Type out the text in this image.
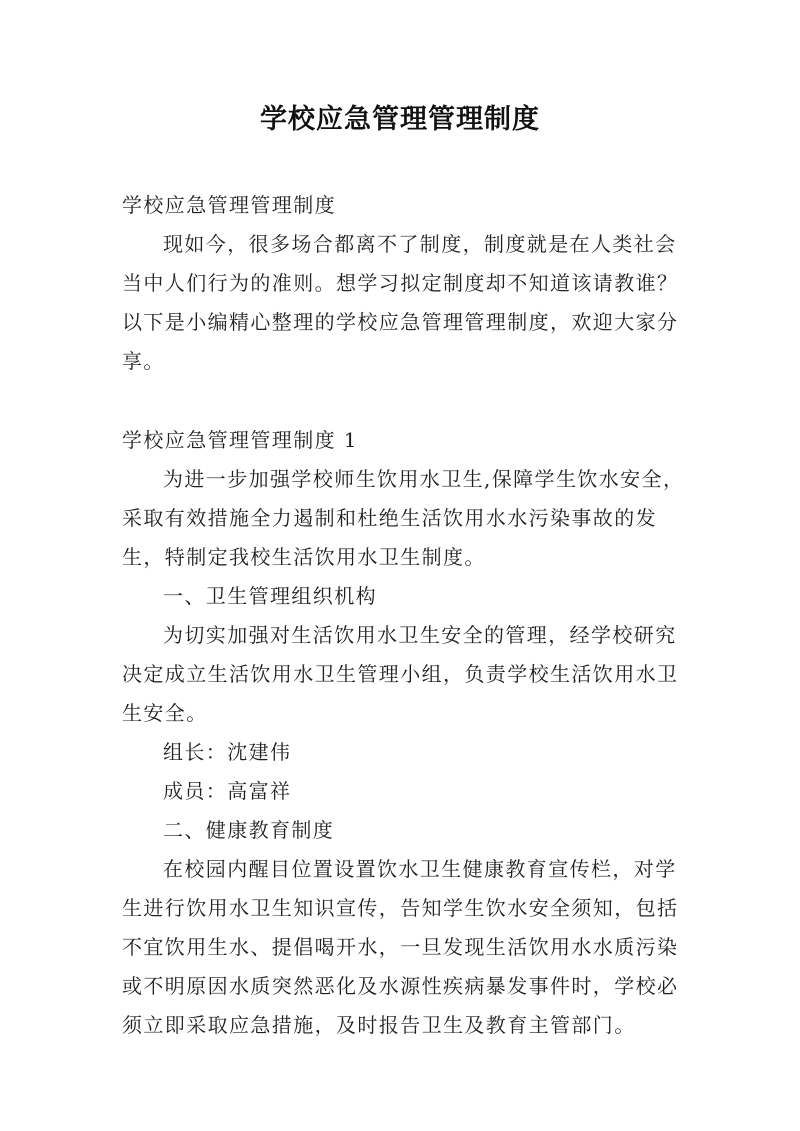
学校应急管理管理制度

学校应急管理管理制度

现如今，很多场合都离不了制度，制度就是在人类社会当中人们行为的准则。想学习拟定制度却不知道该请教谁？以下是小编精心整理的学校应急管理管理制度，欢迎大家分享。

学校应急管理管理制度 1

为进一步加强学校师生饮用水卫生,保障学生饮水安全，采取有效措施全力遏制和杜绝生活饮用水水污染事故的发生，特制定我校生活饮用水卫生制度。

一、卫生管理组织机构

为切实加强对生活饮用水卫生安全的管理，经学校研究决定成立生活饮用水卫生管理小组，负责学校生活饮用水卫生安全。

组长：沈建伟

成员：高富祥

二、健康教育制度

在校园内醒目位置设置饮水卫生健康教育宣传栏，对学生进行饮用水卫生知识宣传，告知学生饮水安全须知，包括不宜饮用生水、提倡喝开水，一旦发现生活饮用水水质污染或不明原因水质突然恶化及水源性疾病暴发事件时，学校必须立即采取应急措施，及时报告卫生及教育主管部门。
